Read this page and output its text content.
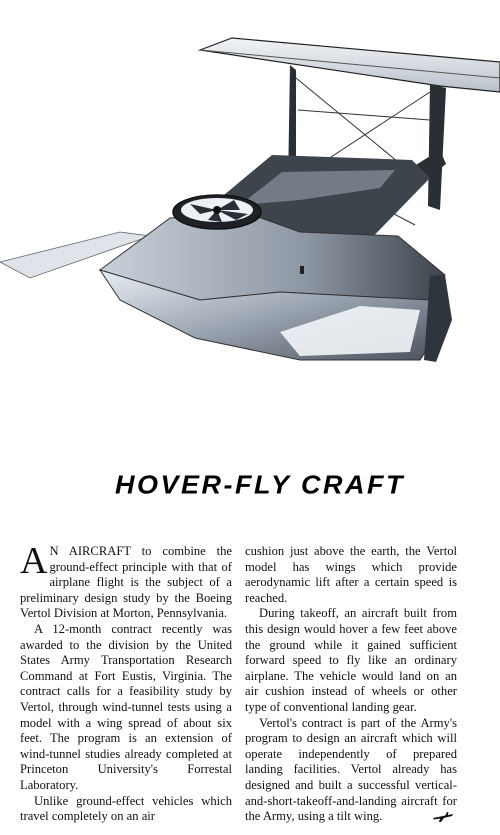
HOVER-FLY CRAFT

A N AIRCRAFT to combine the ground-effect principle with that of airplane flight is the subject of a preliminary design study by the Boeing Vertol Division at Morton, Pennsylvania.

A 12-month contract recently was awarded to the division by the United States Army Transportation Research Command at Fort Eustis, Virginia. The contract calls for a feasibility study by Vertol, through wind-tunnel tests using a model with a wing spread of about six feet. The program is an extension of wind-tunnel studies already completed at Princeton University's Forrestal Laboratory.

Unlike ground-effect vehicles which travel completely on an air

cushion just above the earth, the Vertol model has wings which provide aerodynamic lift after a certain speed is reached.

During takeoff, an aircraft built from this design would hover a few feet above the ground while it gained sufficient forward speed to fly like an ordinary airplane. The vehicle would land on an air cushion instead of wheels or other type of conventional landing gear.

Vertol's contract is part of the Army's program to design an aircraft which will operate independently of prepared landing facilities. Vertol already has designed and built a successful vertical-and-short-takeoff-and-landing aircraft for the Army, using a tilt wing.
